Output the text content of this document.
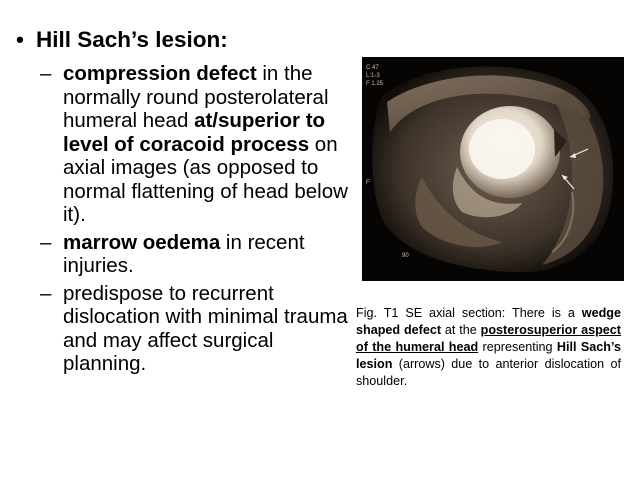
• Hill Sach’s lesion:
– compression defect in the normally round posterolateral humeral head at/superior to level of coracoid process on axial images (as opposed to normal flattening of head below it).
– marrow oedema in recent injuries.
– predispose to recurrent dislocation with minimal trauma and may affect surgical planning.
C 47
L:1-3
F 1.25
F
90
Fig. T1 SE axial section: There is a wedge shaped defect at the posterosuperior aspect of the humeral head representing Hill Sach’s lesion (arrows) due to anterior dislocation of shoulder.
